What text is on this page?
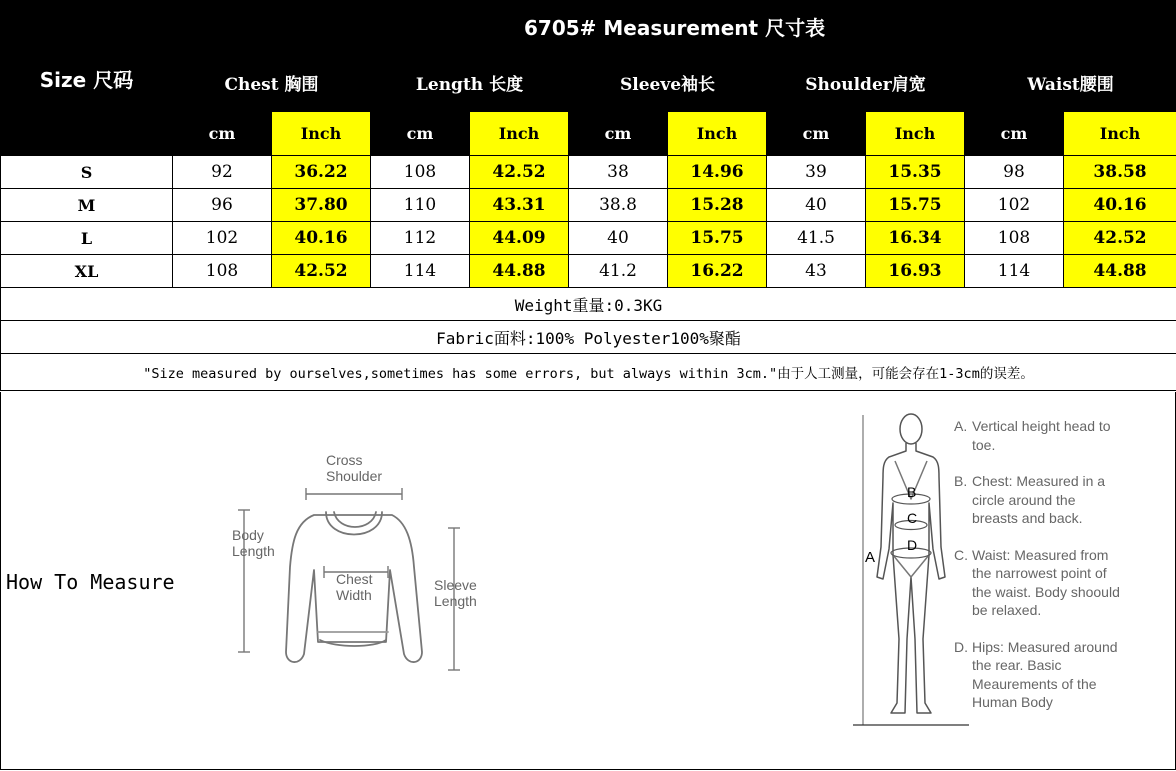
Size 尺码	6705# Measurement 尺寸表									
	Chest 胸围		Length 长度		Sleeve袖长		Shoulder肩宽		Waist腰围	
	cm	Inch	cm	Inch	cm	Inch	cm	Inch	cm	Inch
S	92	36.22	108	42.52	38	14.96	39	15.35	98	38.58
M	96	37.80	110	43.31	38.8	15.28	40	15.75	102	40.16
L	102	40.16	112	44.09	40	15.75	41.5	16.34	108	42.52
XL	108	42.52	114	44.88	41.2	16.22	43	16.93	114	44.88
Weight重量:0.3KG										
Fabric面料:100% Polyester100%聚酯										
"Size measured by ourselves,sometimes has some errors, but always within 3cm."由于人工测量，可能会存在1-3cm的误差。										
How To Measure
Cross
Shoulder
Body
Length
Chest
Width
Sleeve
Length
A
B
C
D
A. Vertical height head to toe.
B. Chest: Measured in a circle around the breasts and back.
C. Waist: Measured from the narrowest point of the waist. Body shoould be relaxed.
D. Hips: Measured around the rear. Basic Meaurements of the Human Body
